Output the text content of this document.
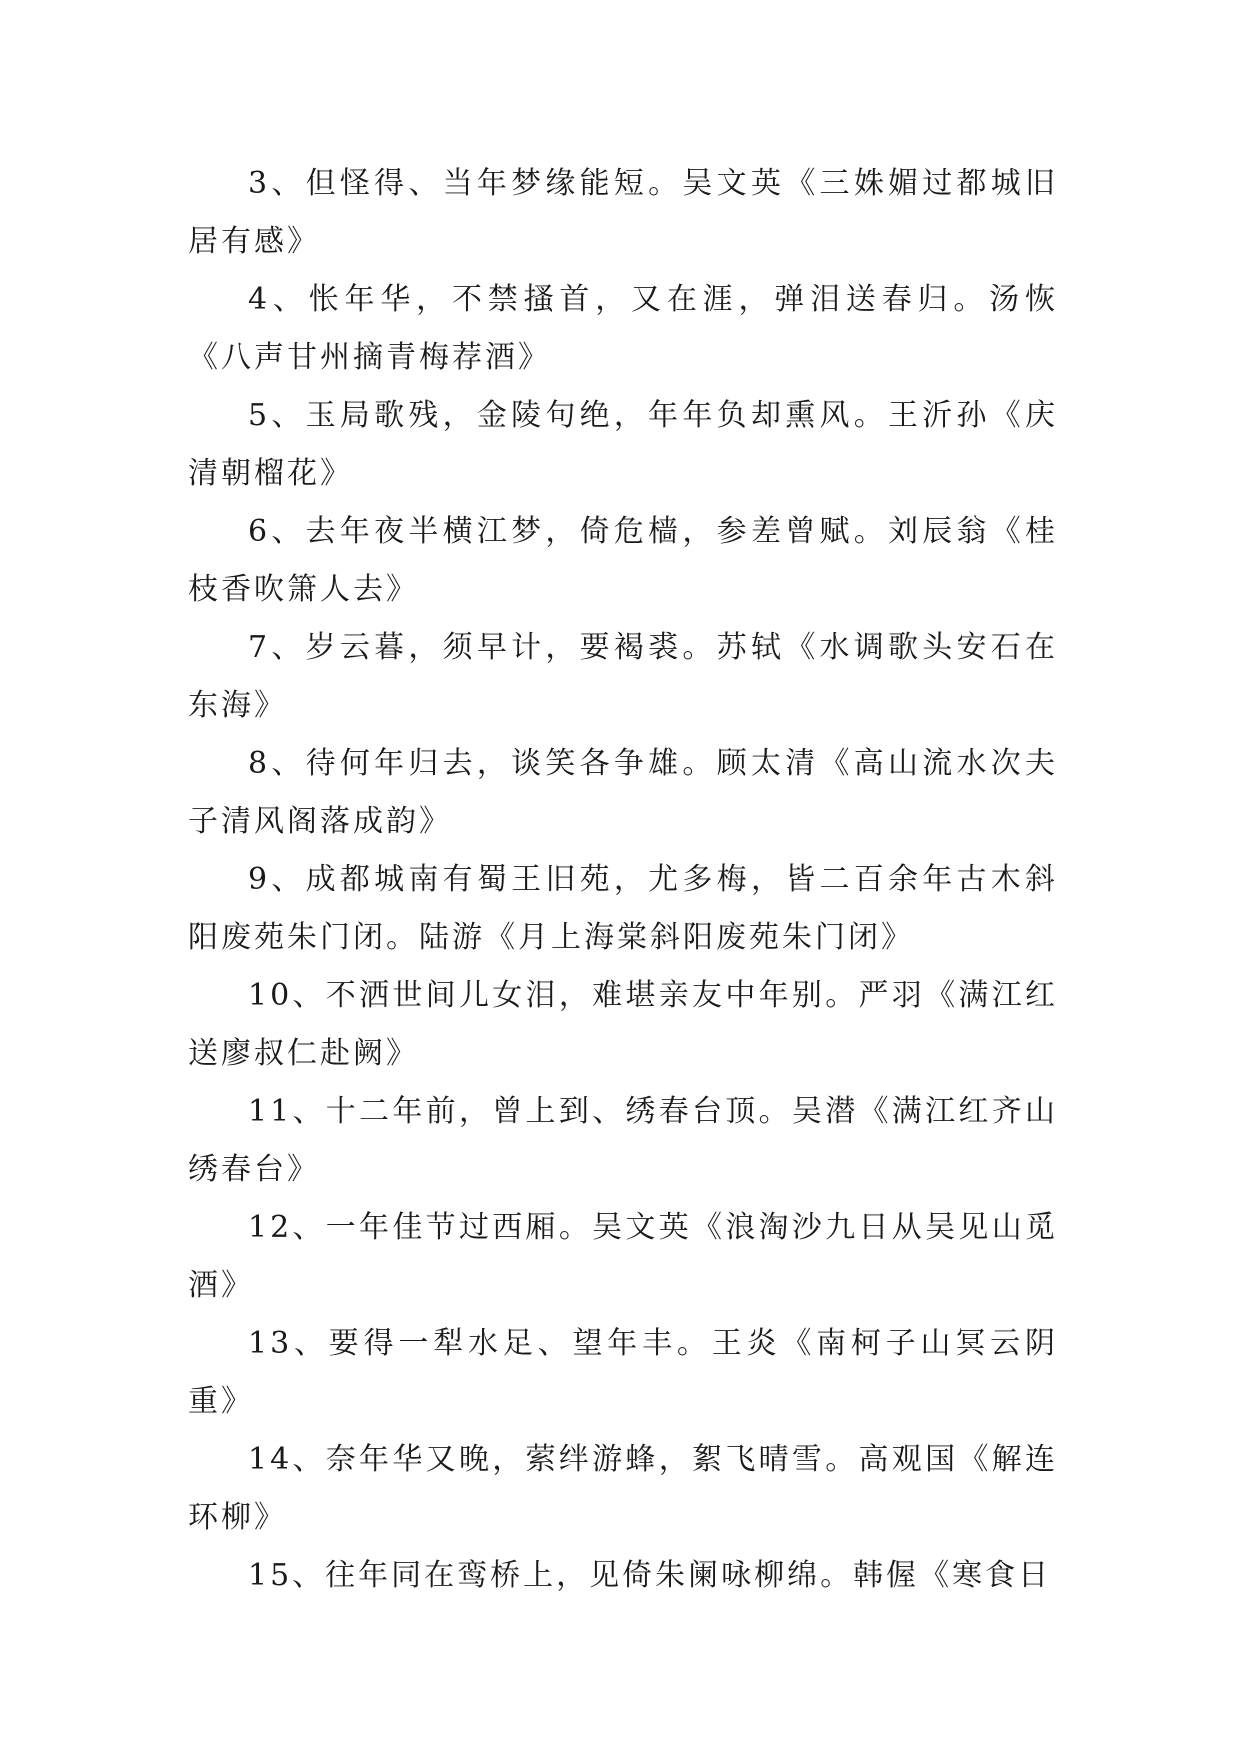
3、但怪得、当年梦缘能短。吴文英《三姝媚过都城旧居有感》

4、怅年华，不禁搔首，又在涯，弹泪送春归。汤恢《八声甘州摘青梅荐酒》

5、玉局歌残，金陵句绝，年年负却熏风。王沂孙《庆清朝榴花》

6、去年夜半横江梦，倚危樯，参差曾赋。刘辰翁《桂枝香吹箫人去》

7、岁云暮，须早计，要褐裘。苏轼《水调歌头安石在东海》

8、待何年归去，谈笑各争雄。顾太清《高山流水次夫子清风阁落成韵》

9、成都城南有蜀王旧苑，尤多梅，皆二百余年古木斜阳废苑朱门闭。陆游《月上海棠斜阳废苑朱门闭》

10、不洒世间儿女泪，难堪亲友中年别。严羽《满江红送廖叔仁赴阙》

11、十二年前，曾上到、绣春台顶。吴潜《满江红齐山绣春台》

12、一年佳节过西厢。吴文英《浪淘沙九日从吴见山觅酒》

13、要得一犁水足、望年丰。王炎《南柯子山冥云阴重》

14、奈年华又晚，萦绊游蜂，絮飞晴雪。高观国《解连环柳》

15、往年同在鸾桥上，见倚朱阑咏柳绵。韩偓《寒食日
